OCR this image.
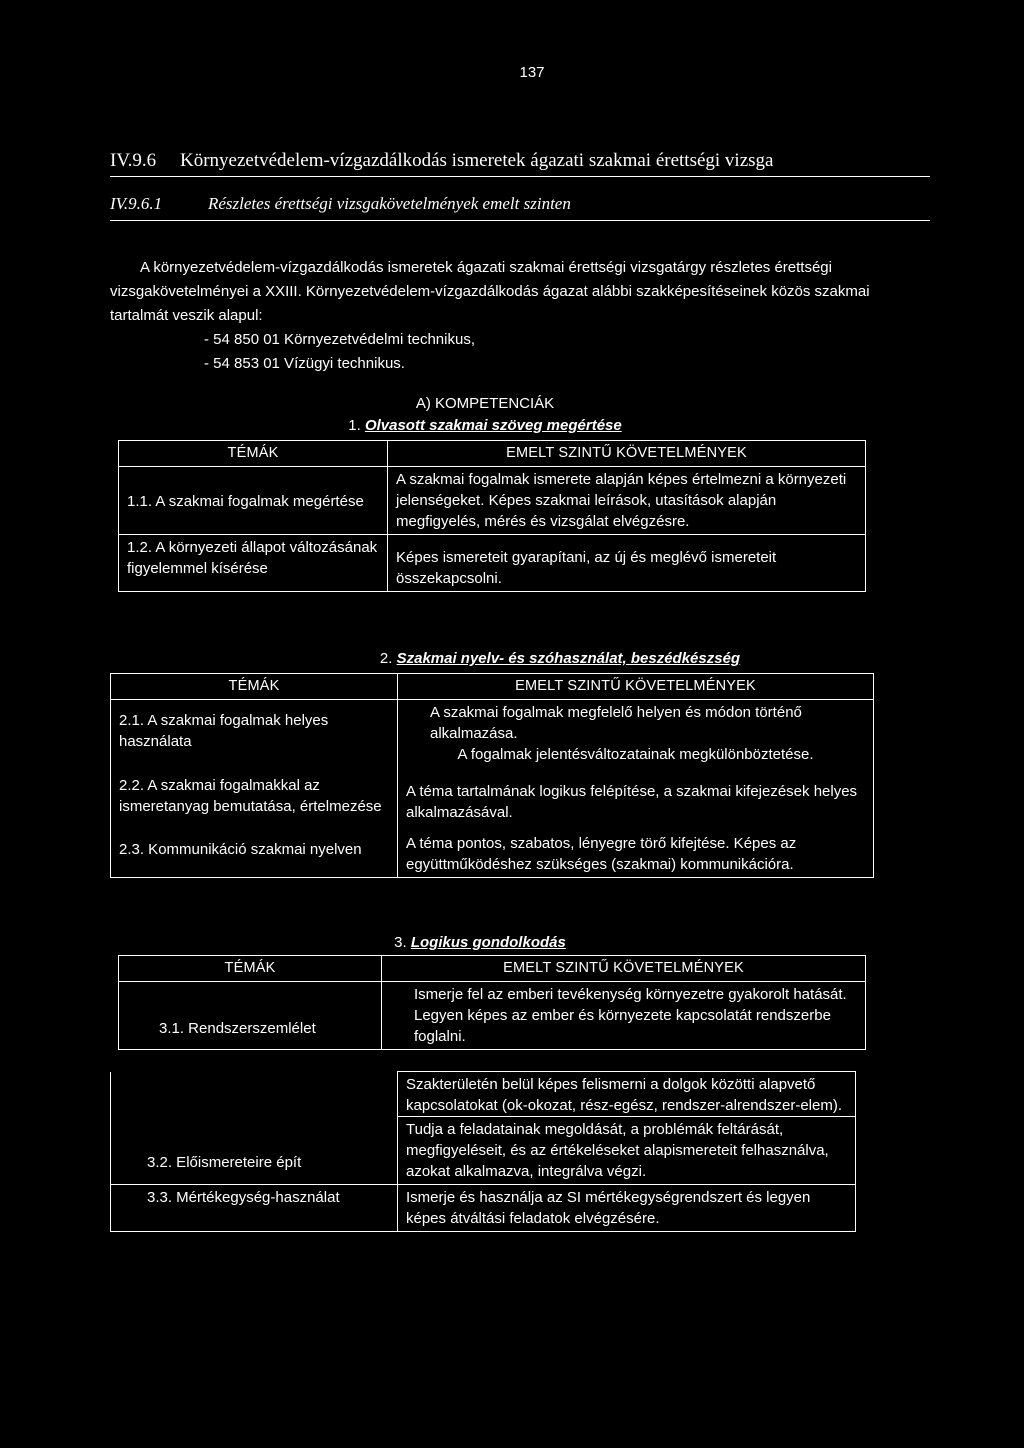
137
IV.9.6 Környezetvédelem-vízgazdálkodás ismeretek ágazati szakmai érettségi vizsga
IV.9.6.1	Részletes érettségi vizsgakövetelmények emelt szinten

A környezetvédelem-vízgazdálkodás ismeretek ágazati szakmai érettségi vizsgatárgy részletes érettségi vizsgakövetelményei a XXIII. Környezetvédelem-vízgazdálkodás ágazat alábbi szakképesítéseinek közös szakmai tartalmát veszik alapul:

- 54 850 01 Környezetvédelmi technikus,
- 54 853 01 Vízügyi technikus.
A) KOMPETENCIÁK
1. Olvasott szakmai szöveg megértése
TÉMÁK	EMELT SZINTŰ KÖVETELMÉNYEK
1.1. A szakmai fogalmak megértése	A szakmai fogalmak ismerete alapján képes értelmezni a környezeti jelenségeket. Képes szakmai leírások, utasítások alapján megfigyelés, mérés és vizsgálat elvégzésre.
1.2. A környezeti állapot változásának figyelemmel kísérése	Képes ismereteit gyarapítani, az új és meglévő ismereteit összekapcsolni.
2. Szakmai nyelv- és szóhasználat, beszédkészség
TÉMÁK	EMELT SZINTŰ KÖVETELMÉNYEK
2.1. A szakmai fogalmak helyes használata	A szakmai fogalmak megfelelő helyen és módon történő alkalmazása.
A fogalmak jelentésváltozatainak megkülönböztetése.

2.2. A szakmai fogalmakkal az ismeretanyag bemutatása, értelmezése	A téma tartalmának logikus felépítése, a szakmai kifejezések helyes alkalmazásával.
2.3. Kommunikáció szakmai nyelven	A téma pontos, szabatos, lényegre törő kifejtése. Képes az együttműködéshez szükséges (szakmai) kommunikációra.
3. Logikus gondolkodás
TÉMÁK	EMELT SZINTŰ KÖVETELMÉNYEK
3.1. Rendszerszemlélet	Ismerje fel az emberi tevékenység környezetre gyakorolt hatását.
Legyen képes az ember és környezete kapcsolatát rendszerbe foglalni.
3.2. Előismereteire épít	Szakterületén belül képes felismerni a dolgok közötti alapvető kapcsolatokat (ok-okozat, rész-egész, rendszer-alrendszer-elem).
Tudja a feladatainak megoldását, a problémák feltárását, megfigyeléseit, és az értékeléseket alapismereteit felhasználva, azokat alkalmazva, integrálva végzi.

3.3. Mértékegység-használat	Ismerje és használja az SI mértékegységrendszert és legyen képes átváltási feladatok elvégzésére.
